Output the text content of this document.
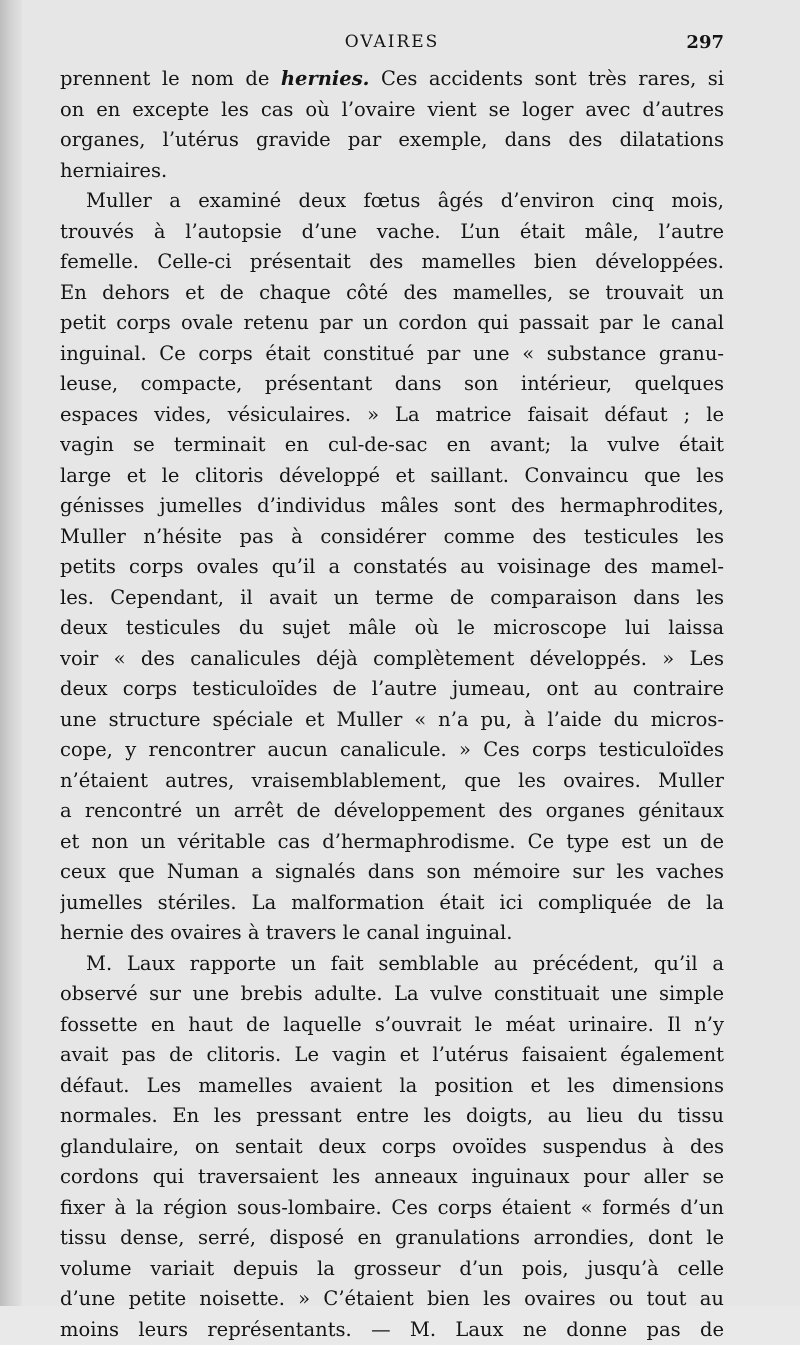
OVAIRES	297
prennent le nom de hernies. Ces accidents sont très rares, si
on en excepte les cas où l’ovaire vient se loger avec d’autres
organes, l’utérus gravide par exemple, dans des dilatations
herniaires.
Muller a examiné deux fœtus âgés d’environ cinq mois,
trouvés à l’autopsie d’une vache. L’un était mâle, l’autre
femelle. Celle-ci présentait des mamelles bien développées.
En dehors et de chaque côté des mamelles, se trouvait un
petit corps ovale retenu par un cordon qui passait par le canal
inguinal. Ce corps était constitué par une « substance granu-
leuse, compacte, présentant dans son intérieur, quelques
espaces vides, vésiculaires. » La matrice faisait défaut ; le
vagin se terminait en cul-de-sac en avant; la vulve était
large et le clitoris développé et saillant. Convaincu que les
génisses jumelles d’individus mâles sont des hermaphrodites,
Muller n’hésite pas à considérer comme des testicules les
petits corps ovales qu’il a constatés au voisinage des mamel-
les. Cependant, il avait un terme de comparaison dans les
deux testicules du sujet mâle où le microscope lui laissa
voir « des canalicules déjà complètement développés. » Les
deux corps testiculoïdes de l’autre jumeau, ont au contraire
une structure spéciale et Muller « n’a pu, à l’aide du micros-
cope, y rencontrer aucun canalicule. » Ces corps testiculoïdes
n’étaient autres, vraisemblablement, que les ovaires. Muller
a rencontré un arrêt de développement des organes génitaux
et non un véritable cas d’hermaphrodisme. Ce type est un de
ceux que Numan a signalés dans son mémoire sur les vaches
jumelles stériles. La malformation était ici compliquée de la
hernie des ovaires à travers le canal inguinal.
M. Laux rapporte un fait semblable au précédent, qu’il a
observé sur une brebis adulte. La vulve constituait une simple
fossette en haut de laquelle s’ouvrait le méat urinaire. Il n’y
avait pas de clitoris. Le vagin et l’utérus faisaient également
défaut. Les mamelles avaient la position et les dimensions
normales. En les pressant entre les doigts, au lieu du tissu
glandulaire, on sentait deux corps ovoïdes suspendus à des
cordons qui traversaient les anneaux inguinaux pour aller se
fixer à la région sous-lombaire. Ces corps étaient « formés d’un
tissu dense, serré, disposé en granulations arrondies, dont le
volume variait depuis la grosseur d’un pois, jusqu’à celle
d’une petite noisette. » C’étaient bien les ovaires ou tout au
moins leurs représentants. — M. Laux ne donne pas de
